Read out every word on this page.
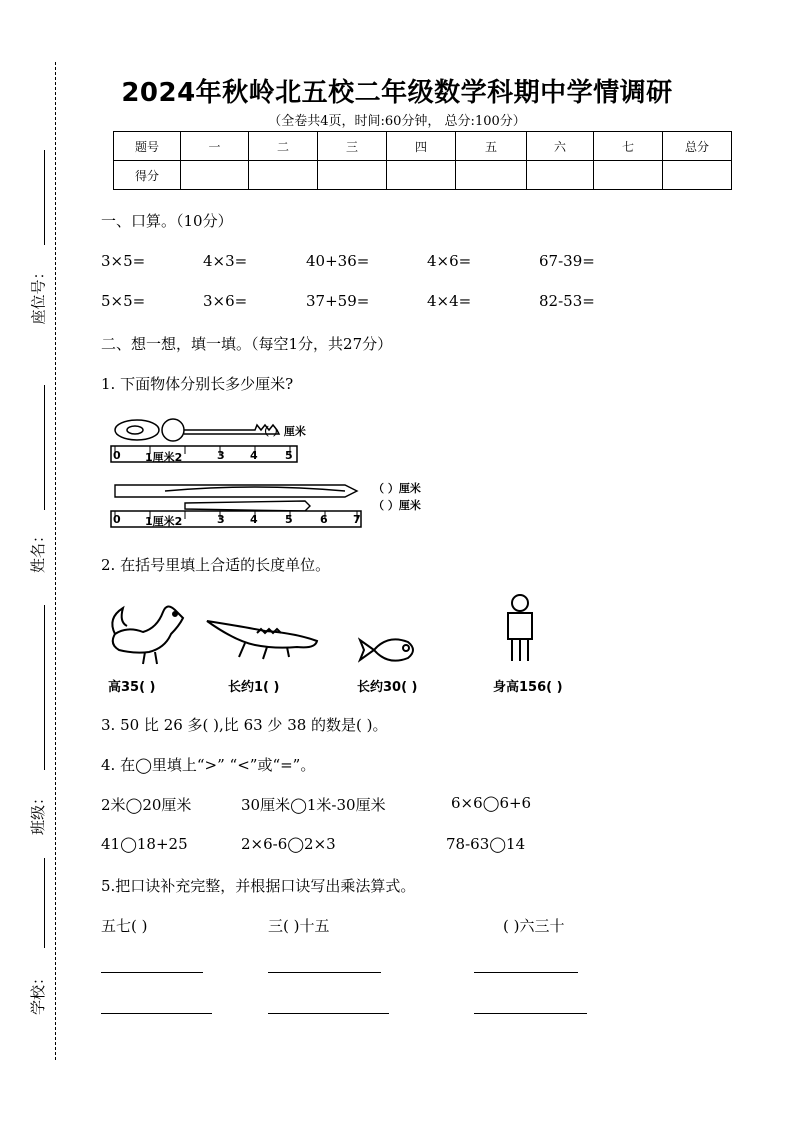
座位号：
姓名：
班级：
学校：
2024年秋岭北五校二年级数学科期中学情调研
（全卷共4页，时间:60分钟， 总分:100分）
题号	一	二	三	四	五	六	七	总分
得分								
一、口算。（10分）
3×5=	4×3=	40+36=	4×6=	67-39=
5×5=	3×6=	37+59=	4×4=	82-53=
二、想一想，填一填。（每空1分，共27分）
1. 下面物体分别长多少厘米?
0 1厘米2	3 4 5
（ ）厘米
0 1厘米2	3 4 5 6 7
（ ）厘米
（ ）厘米
2. 在括号里填上合适的长度单位。
高35( )	长约1( )	长约30( )	身高156( )
3. 50 比 26 多( ),比 63 少 38 的数是( )。
4. 在◯里填上“>” “<”或“=”。
2米◯20厘米	30厘米◯1米-30厘米	6×6◯6+6
41◯18+25	2×6-6◯2×3	78-63◯14
5.把口诀补充完整，并根据口诀写出乘法算式。
五七( )	三( )十五	( )六三十
